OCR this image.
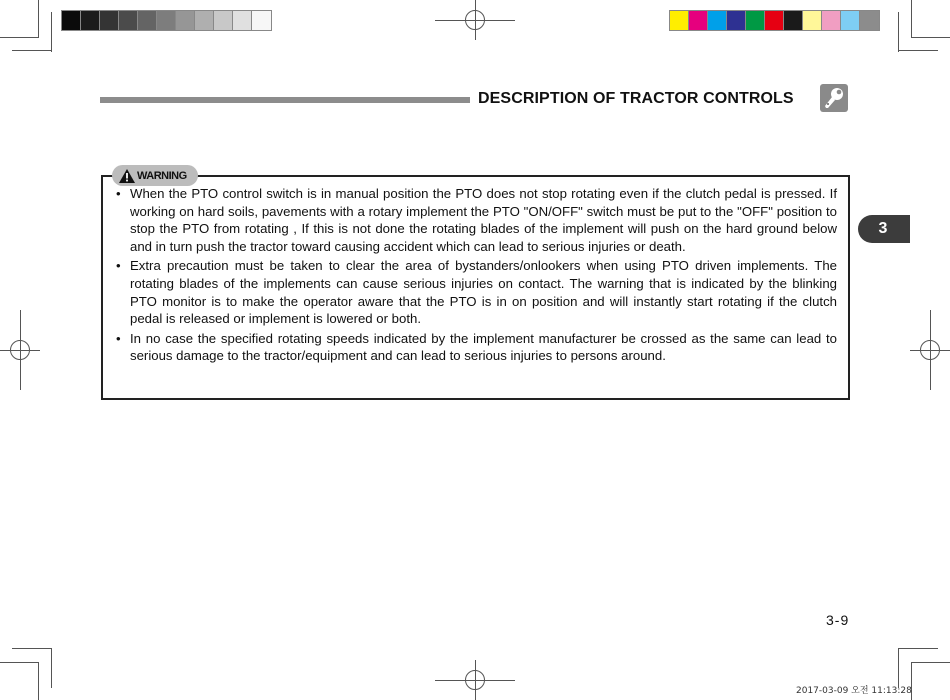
DESCRIPTION OF TRACTOR CONTROLS
3
WARNING
• When the PTO control switch is in manual position the PTO does not stop rotating even if the clutch pedal is pressed. If working on hard soils, pavements with a rotary implement the PTO "ON/OFF" switch must be put to the "OFF" position to stop the PTO from rotating , If this is not done the rotating blades of the implement will push on the hard ground below and in turn push the tractor toward causing accident which can lead to serious injuries or death.
• Extra precaution must be taken to clear the area of bystanders/onlookers when using PTO driven implements. The rotating blades of the implements can cause serious injuries on contact. The warning that is indicated by the blinking PTO monitor is to make the operator aware that the PTO is in on position and will instantly start rotating if the clutch pedal is released or implement is lowered or both.
• In no case the specified rotating speeds indicated by the implement manufacturer be crossed as the same can lead to serious damage to the tractor/equipment and can lead to serious injuries to persons around.
3-9
2017-03-09 오전 11:13:28
